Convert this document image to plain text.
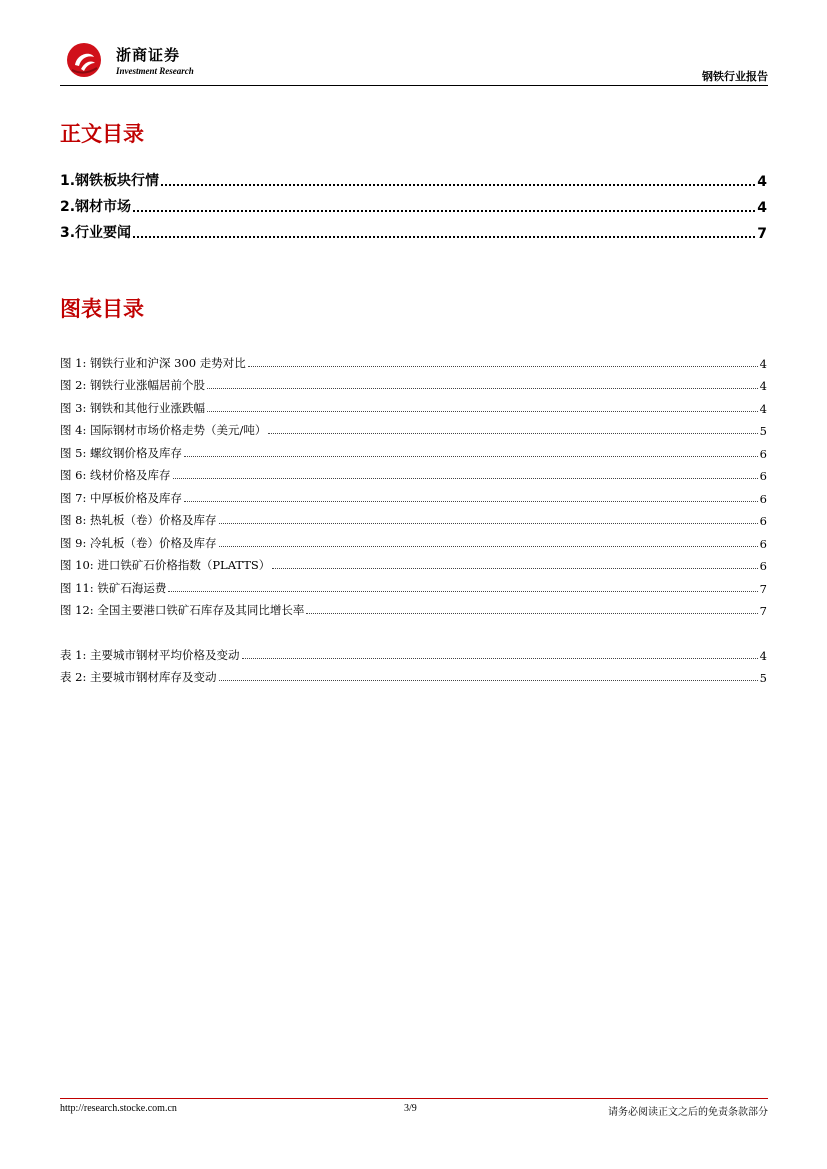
浙商证券
Investment Research	钢铁行业报告
正文目录
1.钢铁板块行情	4
2.钢材市场	4
3.行业要闻	7
图表目录
图 1: 钢铁行业和沪深 300 走势对比	4
图 2: 钢铁行业涨幅居前个股	4
图 3: 钢铁和其他行业涨跌幅	4
图 4: 国际钢材市场价格走势（美元/吨）	5
图 5: 螺纹钢价格及库存	6
图 6: 线材价格及库存	6
图 7: 中厚板价格及库存	6
图 8: 热轧板（卷）价格及库存	6
图 9: 冷轧板（卷）价格及库存	6
图 10: 进口铁矿石价格指数（PLATTS）	6
图 11: 铁矿石海运费	7
图 12: 全国主要港口铁矿石库存及其同比增长率	7
表 1: 主要城市钢材平均价格及变动	4
表 2: 主要城市钢材库存及变动	5
http://research.stocke.com.cn	3/9	请务必阅读正文之后的免责条款部分
